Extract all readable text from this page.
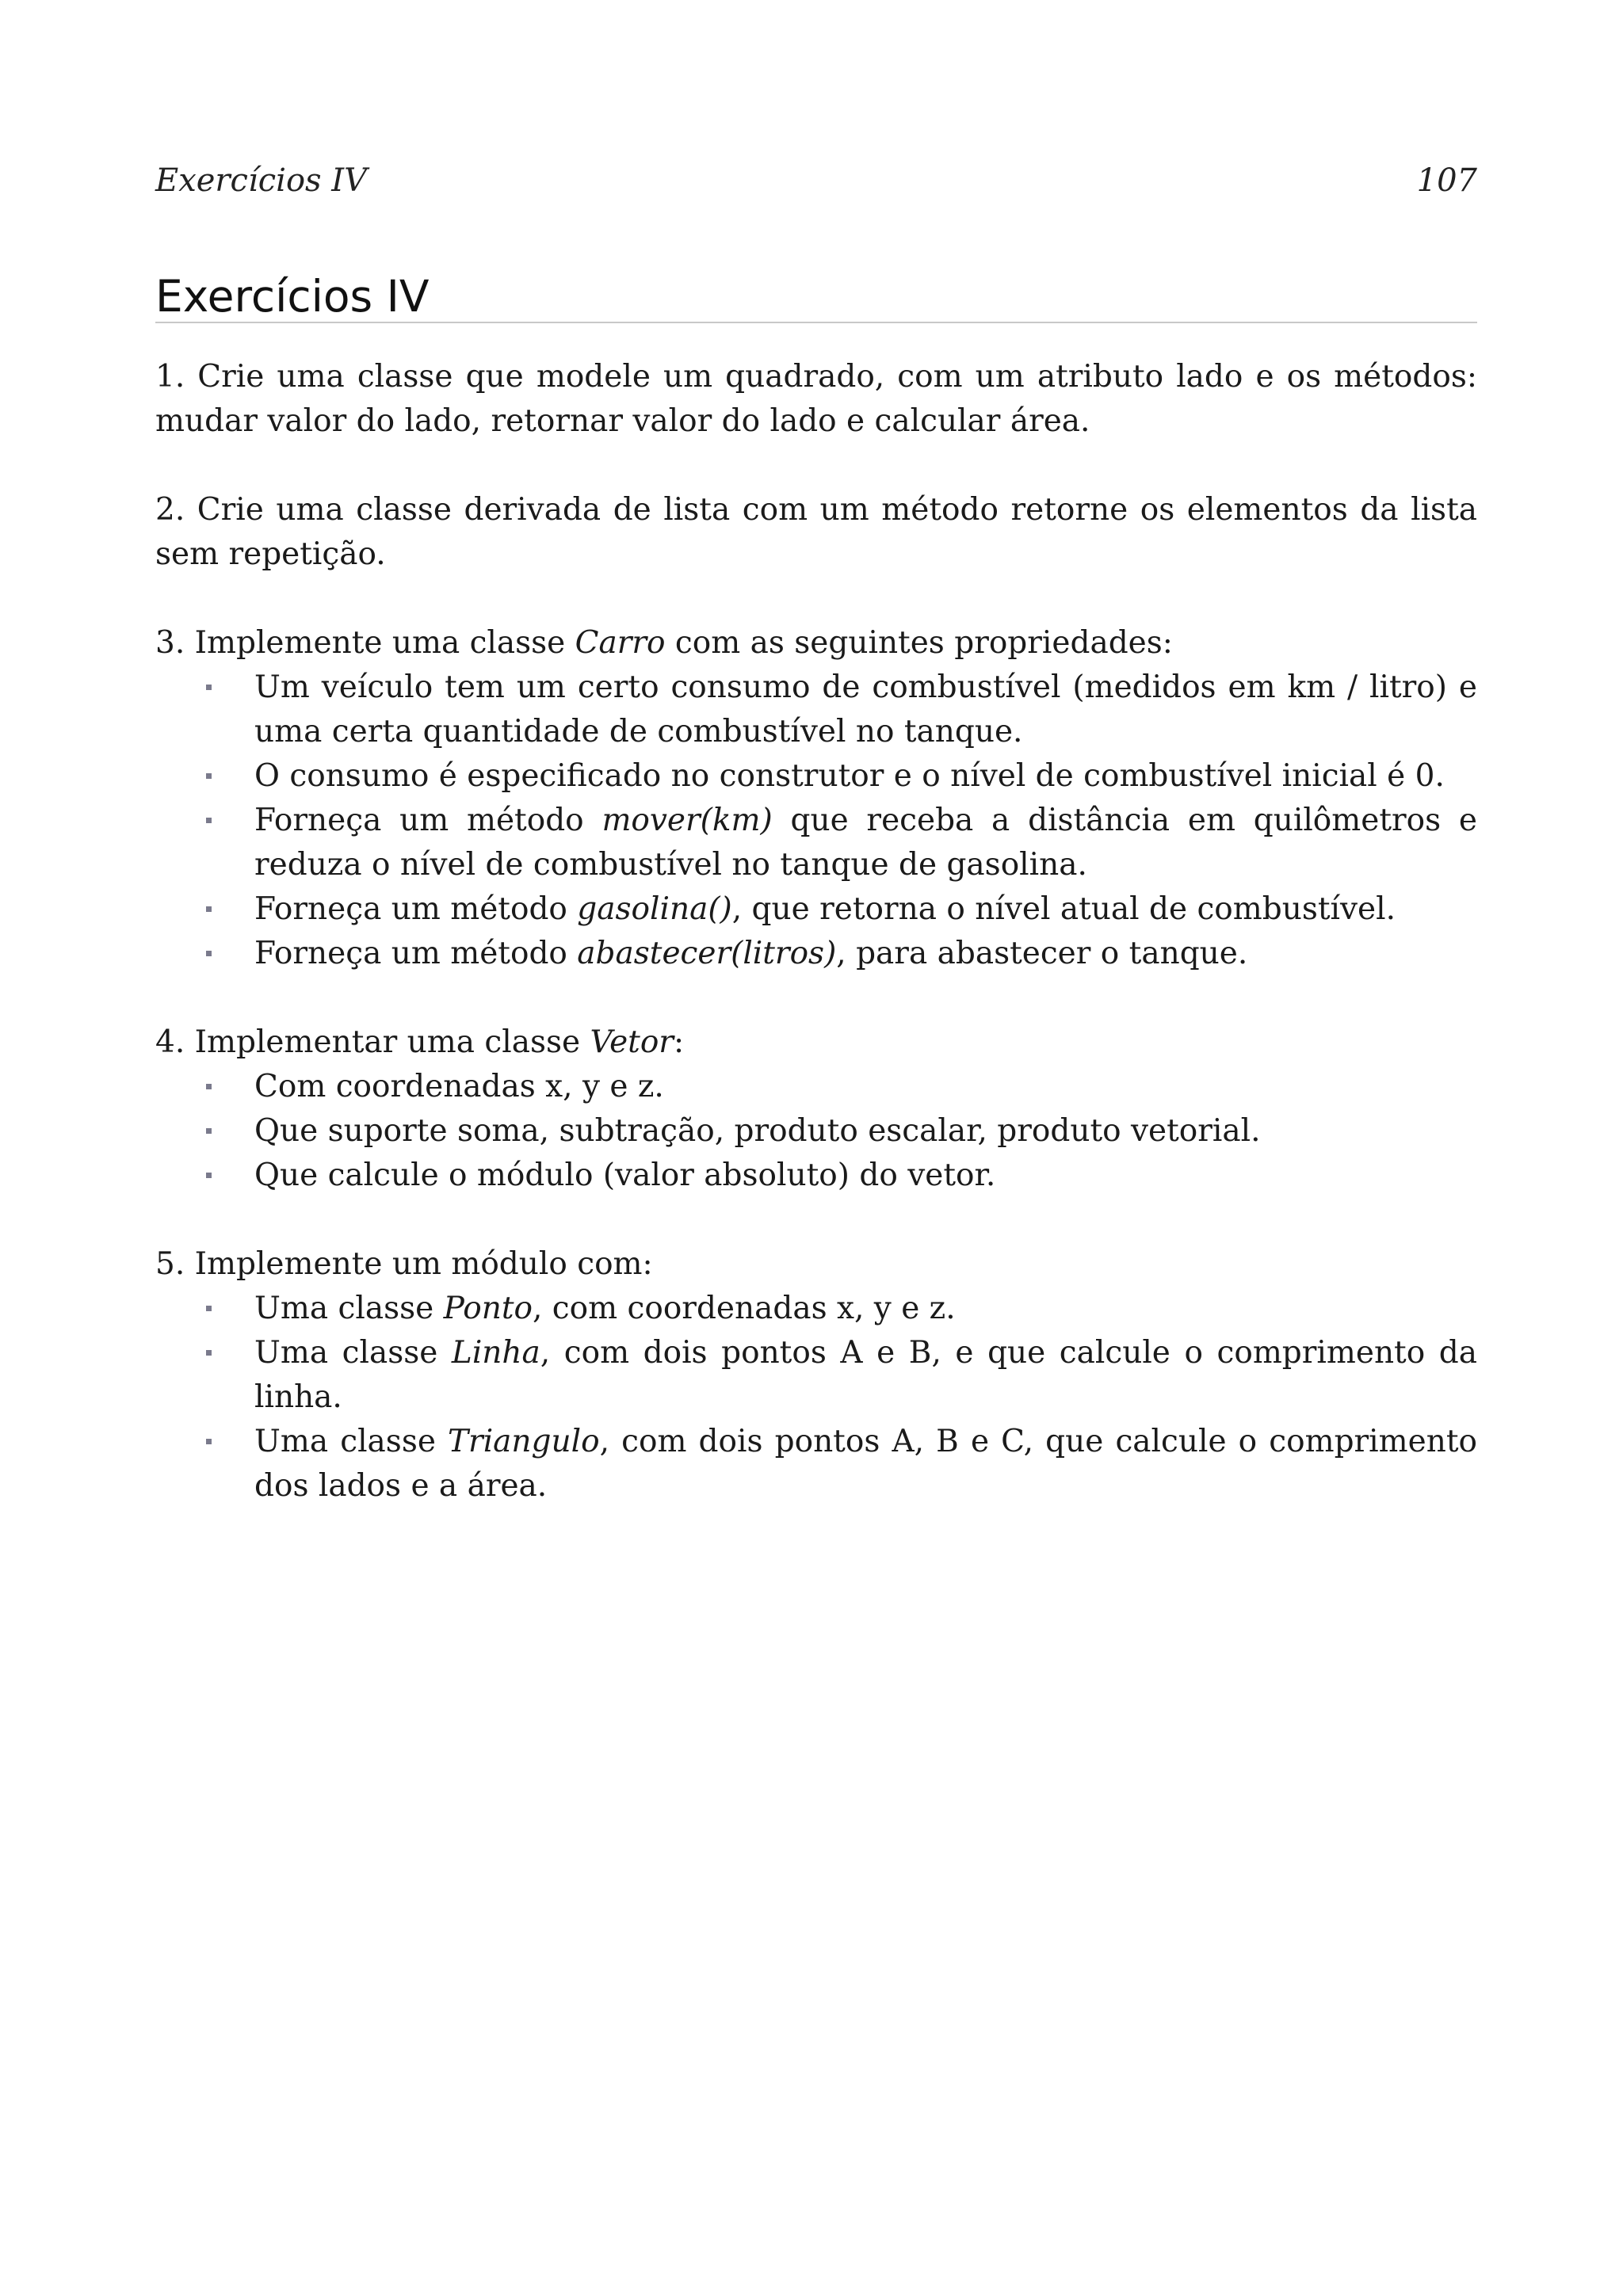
Exercícios IV	107
Exercícios IV

1. Crie uma classe que modele um quadrado, com um atributo lado e os métodos: mudar valor do lado, retornar valor do lado e calcular área.

2. Crie uma classe derivada de lista com um método retorne os elementos da lista sem repetição.

3. Implemente uma classe Carro com as seguintes propriedades:

Um veículo tem um certo consumo de combustível (medidos em km / litro) e uma certa quantidade de combustível no tanque.
O consumo é especificado no construtor e o nível de combustível inicial é 0.
Forneça um método mover(km) que receba a distância em quilômetros e reduza o nível de combustível no tanque de gasolina.
Forneça um método gasolina(), que retorna o nível atual de combustível.
Forneça um método abastecer(litros), para abastecer o tanque.

4. Implementar uma classe Vetor:

Com coordenadas x, y e z.
Que suporte soma, subtração, produto escalar, produto vetorial.
Que calcule o módulo (valor absoluto) do vetor.

5. Implemente um módulo com:

Uma classe Ponto, com coordenadas x, y e z.
Uma classe Linha, com dois pontos A e B, e que calcule o comprimento da linha.
Uma classe Triangulo, com dois pontos A, B e C, que calcule o comprimento dos lados e a área.
